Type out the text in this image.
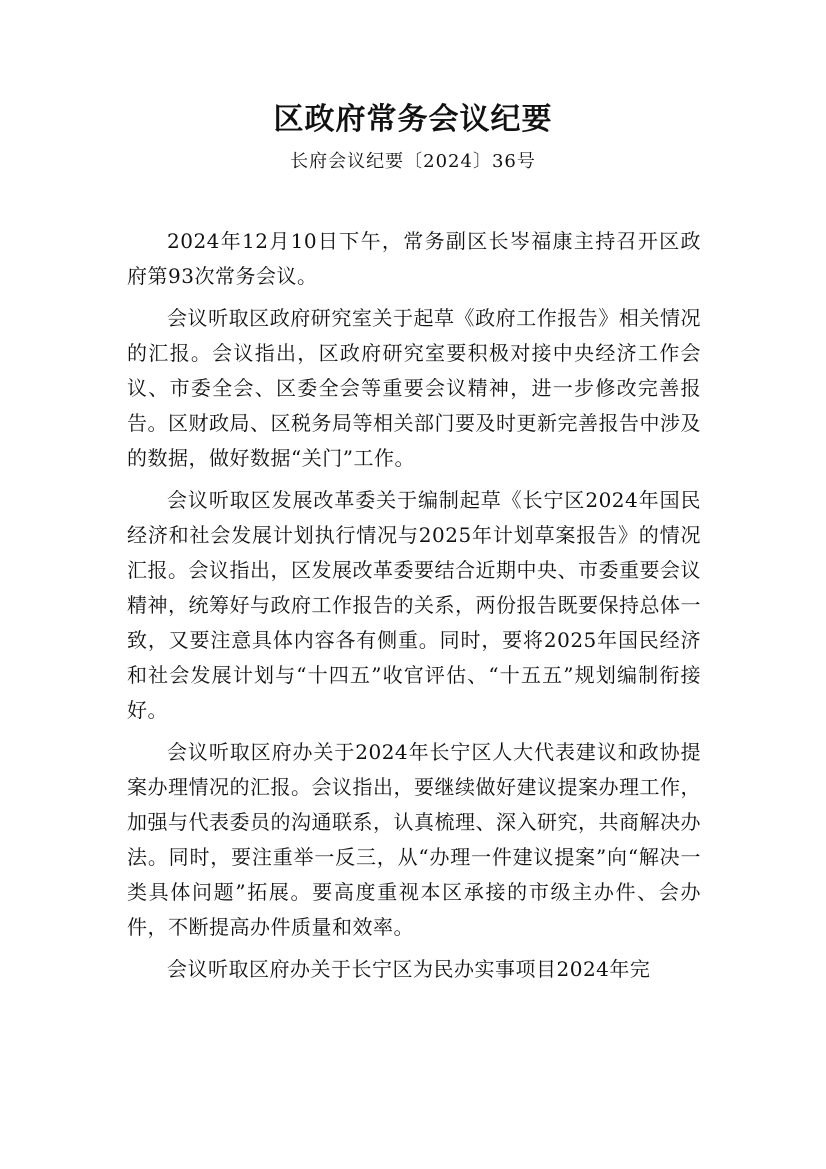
区政府常务会议纪要
长府会议纪要〔2024〕36号

2024年12月10日下午，常务副区长岑福康主持召开区政府第93次常务会议。

会议听取区政府研究室关于起草《政府工作报告》相关情况的汇报。会议指出，区政府研究室要积极对接中央经济工作会议、市委全会、区委全会等重要会议精神，进一步修改完善报告。区财政局、区税务局等相关部门要及时更新完善报告中涉及的数据，做好数据“关门”工作。

会议听取区发展改革委关于编制起草《长宁区2024年国民经济和社会发展计划执行情况与2025年计划草案报告》的情况汇报。会议指出，区发展改革委要结合近期中央、市委重要会议精神，统筹好与政府工作报告的关系，两份报告既要保持总体一致，又要注意具体内容各有侧重。同时，要将2025年国民经济和社会发展计划与“十四五”收官评估、“十五五”规划编制衔接好。

会议听取区府办关于2024年长宁区人大代表建议和政协提案办理情况的汇报。会议指出，要继续做好建议提案办理工作，加强与代表委员的沟通联系，认真梳理、深入研究，共商解决办法。同时，要注重举一反三，从“办理一件建议提案”向“解决一类具体问题”拓展。要高度重视本区承接的市级主办件、会办件，不断提高办件质量和效率。

会议听取区府办关于长宁区为民办实事项目2024年完
